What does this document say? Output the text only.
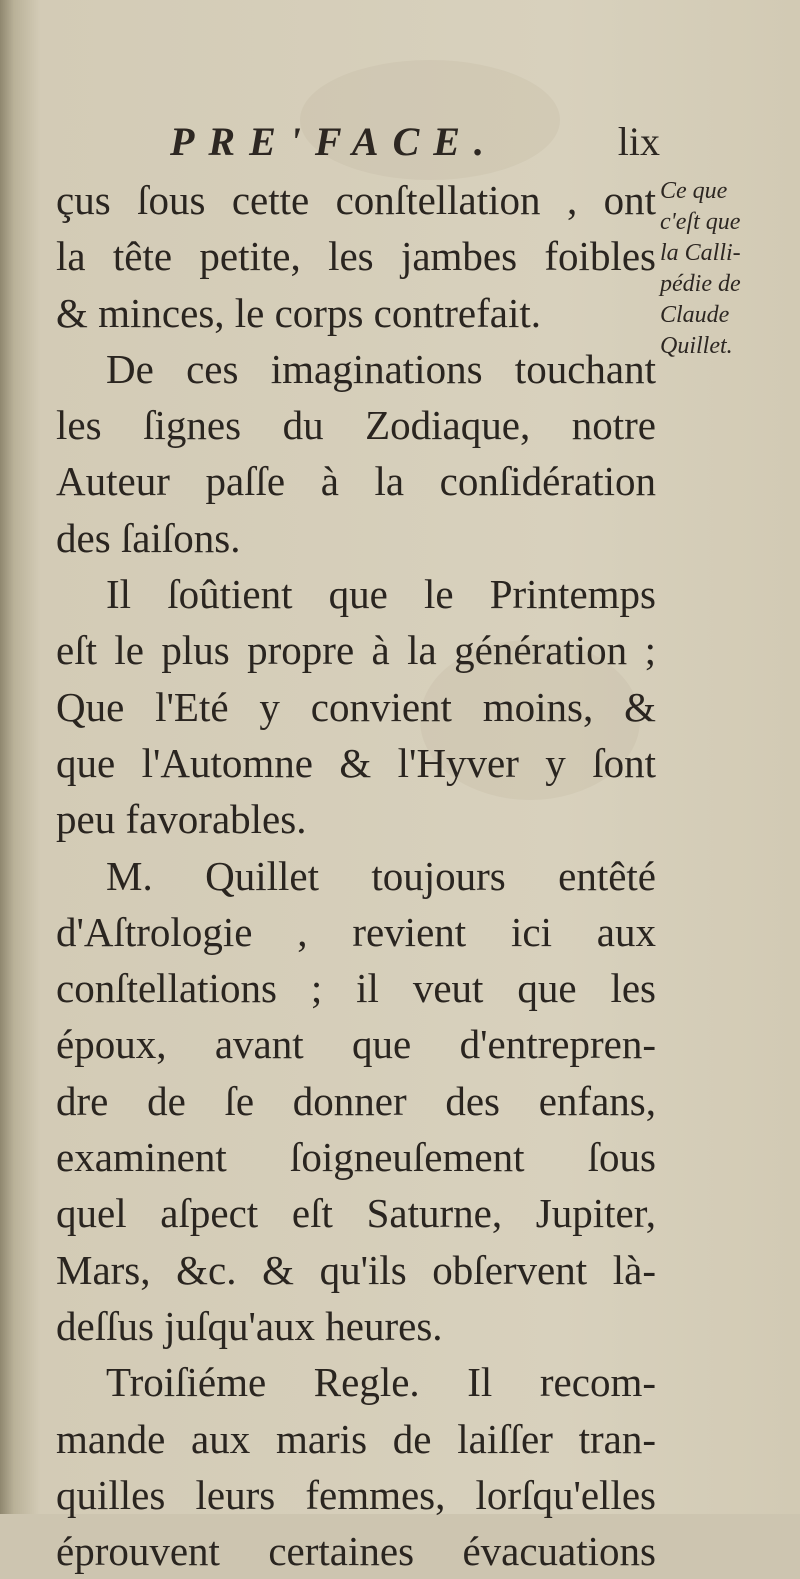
PRE'FACE.	lix
çus ſous cette conſtellation , ont
la tête petite, les jambes foibles
& minces, le corps contrefait.
De ces imaginations touchant
les ſignes du Zodiaque, notre
Auteur paſſe à la conſidération
des ſaiſons.
Il ſoûtient que le Printemps
eſt le plus propre à la génération ;
Que l'Eté y convient moins, &
que l'Automne & l'Hyver y ſont
peu favorables.
M. Quillet toujours entêté
d'Aſtrologie , revient ici aux
conſtellations ; il veut que les
époux, avant que d'entrepren-
dre de ſe donner des enfans,
examinent ſoigneuſement ſous
quel aſpect eſt Saturne, Jupiter,
Mars, &c. & qu'ils obſervent là-
deſſus juſqu'aux heures.
Troiſiéme Regle. Il recom-
mande aux maris de laiſſer tran-
quilles leurs femmes, lorſqu'elles
éprouvent certaines évacuations
Ce que
c'eſt que
la Calli-
pédie de
Claude
Quillet.
